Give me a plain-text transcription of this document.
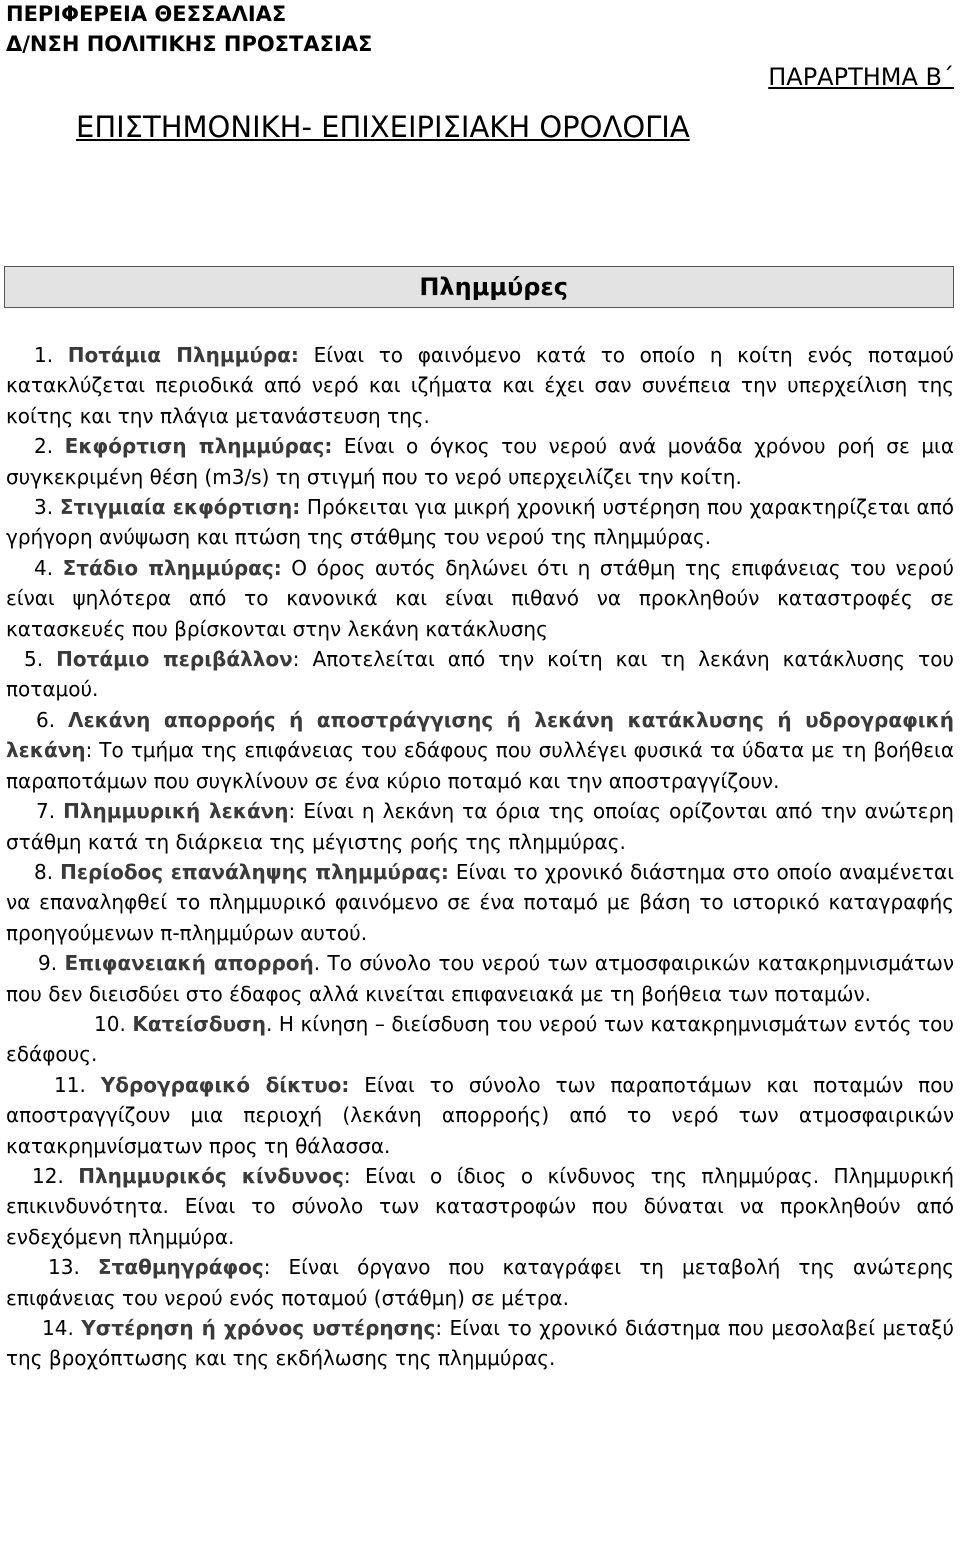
ΠΕΡΙΦΕΡΕΙΑ ΘΕΣΣΑΛΙΑΣ
Δ/ΝΣΗ ΠΟΛΙΤΙΚΗΣ ΠΡΟΣΤΑΣΙΑΣ
ΠΑΡΑΡΤΗΜΑ Β΄
ΕΠΙΣΤΗΜΟΝΙΚΗ- ΕΠΙΧΕΙΡΙΣΙΑΚΗ ΟΡΟΛΟΓΙΑ
Πλημμύρες

1. Ποτάμια Πλημμύρα: Είναι το φαινόμενο κατά το οποίο η κοίτη ενός ποταμού κατακλύζεται περιοδικά από νερό και ιζήματα και έχει σαν συνέπεια την υπερχείλιση της κοίτης και την πλάγια μετανάστευση της.

2. Εκφόρτιση πλημμύρας: Είναι ο όγκος του νερού ανά μονάδα χρόνου ροή σε μια συγκεκριμένη θέση (m3/s) τη στιγμή που το νερό υπερχειλίζει την κοίτη.

3. Στιγμιαία εκφόρτιση: Πρόκειται για μικρή χρονική υστέρηση που χαρακτηρίζεται από γρήγορη ανύψωση και πτώση της στάθμης του νερού της πλημμύρας.

4. Στάδιο πλημμύρας: Ο όρος αυτός δηλώνει ότι η στάθμη της επιφάνειας του νερού είναι ψηλότερα από το κανονικά και είναι πιθανό να προκληθούν καταστροφές σε κατασκευές που βρίσκονται στην λεκάνη κατάκλυσης

5. Ποτάμιο περιβάλλον: Αποτελείται από την κοίτη και τη λεκάνη κατάκλυσης του ποταμού.

6. Λεκάνη απορροής ή αποστράγγισης ή λεκάνη κατάκλυσης ή υδρογραφική λεκάνη: Το τμήμα της επιφάνειας του εδάφους που συλλέγει φυσικά τα ύδατα με τη βοήθεια παραποτάμων που συγκλίνουν σε ένα κύριο ποταμό και την αποστραγγίζουν.

7. Πλημμυρική λεκάνη: Είναι η λεκάνη τα όρια της οποίας ορίζονται από την ανώτερη στάθμη κατά τη διάρκεια της μέγιστης ροής της πλημμύρας.

8. Περίοδος επανάληψης πλημμύρας: Είναι το χρονικό διάστημα στο οποίο αναμένεται να επαναληφθεί το πλημμυρικό φαινόμενο σε ένα ποταμό με βάση το ιστορικό καταγραφής προηγούμενων π-πλημμύρων αυτού.

9. Επιφανειακή απορροή. Το σύνολο του νερού των ατμοσφαιρικών κατακρημνισμάτων που δεν διεισδύει στο έδαφος αλλά κινείται επιφανειακά με τη βοήθεια των ποταμών.

10. Κατείσδυση. Η κίνηση – διείσδυση του νερού των κατακρημνισμάτων εντός του εδάφους.

11. Υδρογραφικό δίκτυο: Είναι το σύνολο των παραποτάμων και ποταμών που αποστραγγίζουν μια περιοχή (λεκάνη απορροής) από το νερό των ατμοσφαιρικών κατακρημνίσματων προς τη θάλασσα.

12. Πλημμυρικός κίνδυνος: Είναι ο ίδιος ο κίνδυνος της πλημμύρας. Πλημμυρική επικινδυνότητα. Είναι το σύνολο των καταστροφών που δύναται να προκληθούν από ενδεχόμενη πλημμύρα.

13. Σταθμηγράφος: Είναι όργανο που καταγράφει τη μεταβολή της ανώτερης επιφάνειας του νερού ενός ποταμού (στάθμη) σε μέτρα.

14. Υστέρηση ή χρόνος υστέρησης: Είναι το χρονικό διάστημα που μεσολαβεί μεταξύ της βροχόπτωσης και της εκδήλωσης της πλημμύρας.
